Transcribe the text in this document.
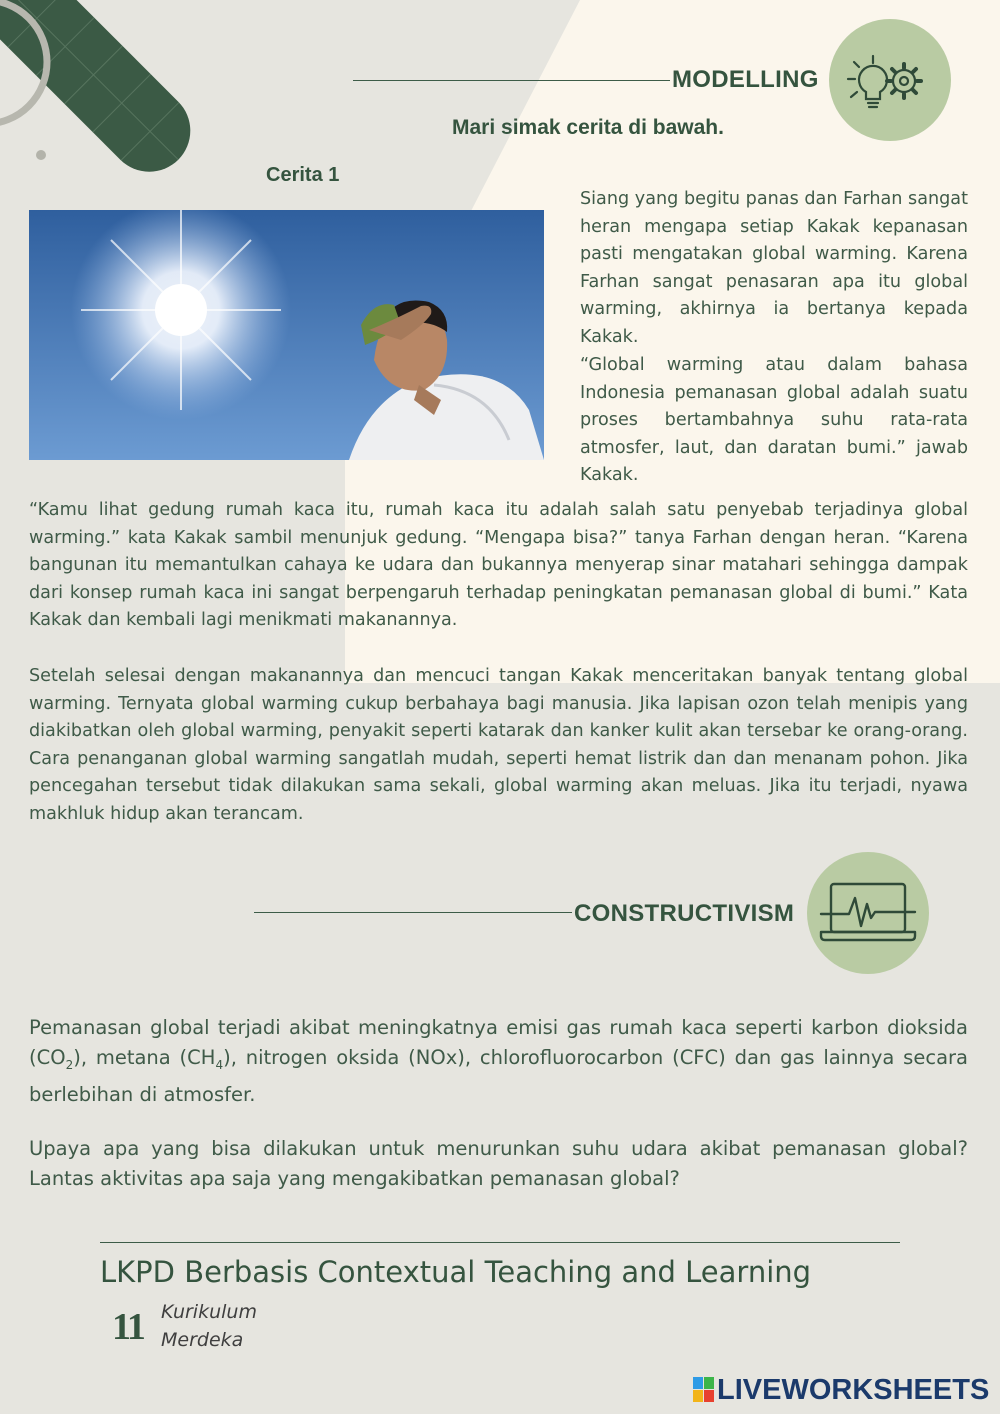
MODELLING
Mari simak cerita di bawah.
Cerita 1

Siang yang begitu panas dan Farhan sangat heran mengapa setiap Kakak kepanasan pasti mengatakan global warming. Karena Farhan sangat penasaran apa itu global warming, akhirnya ia bertanya kepada Kakak.

“Global warming atau dalam bahasa Indonesia pemanasan global adalah suatu proses bertambahnya suhu rata-rata atmosfer, laut, dan daratan bumi.” jawab Kakak.

“Kamu lihat gedung rumah kaca itu, rumah kaca itu adalah salah satu penyebab terjadinya global warming.” kata Kakak sambil menunjuk gedung. “Mengapa bisa?” tanya Farhan dengan heran. “Karena bangunan itu memantulkan cahaya ke udara dan bukannya menyerap sinar matahari sehingga dampak dari konsep rumah kaca ini sangat berpengaruh terhadap peningkatan pemanasan global di bumi.” Kata Kakak dan kembali lagi menikmati makanannya.

Setelah selesai dengan makanannya dan mencuci tangan Kakak menceritakan banyak tentang global warming. Ternyata global warming cukup berbahaya bagi manusia. Jika lapisan ozon telah menipis yang diakibatkan oleh global warming, penyakit seperti katarak dan kanker kulit akan tersebar ke orang-orang. Cara penanganan global warming sangatlah mudah, seperti hemat listrik dan dan menanam pohon. Jika pencegahan tersebut tidak dilakukan sama sekali, global warming akan meluas. Jika itu terjadi, nyawa makhluk hidup akan terancam.

CONSTRUCTIVISM

Pemanasan global terjadi akibat meningkatnya emisi gas rumah kaca seperti karbon dioksida $(CO_2)$, metana $(CH_4)$, nitrogen oksida (NOx), chlorofluorocarbon (CFC) dan gas lainnya secara berlebihan di atmosfer.

Upaya apa yang bisa dilakukan untuk menurunkan suhu udara akibat pemanasan global? Lantas aktivitas apa saja yang mengakibatkan pemanasan global?

LKPD Berbasis Contextual Teaching and Learning
11 Kurikulum
Merdeka
LIVEWORKSHEETS
